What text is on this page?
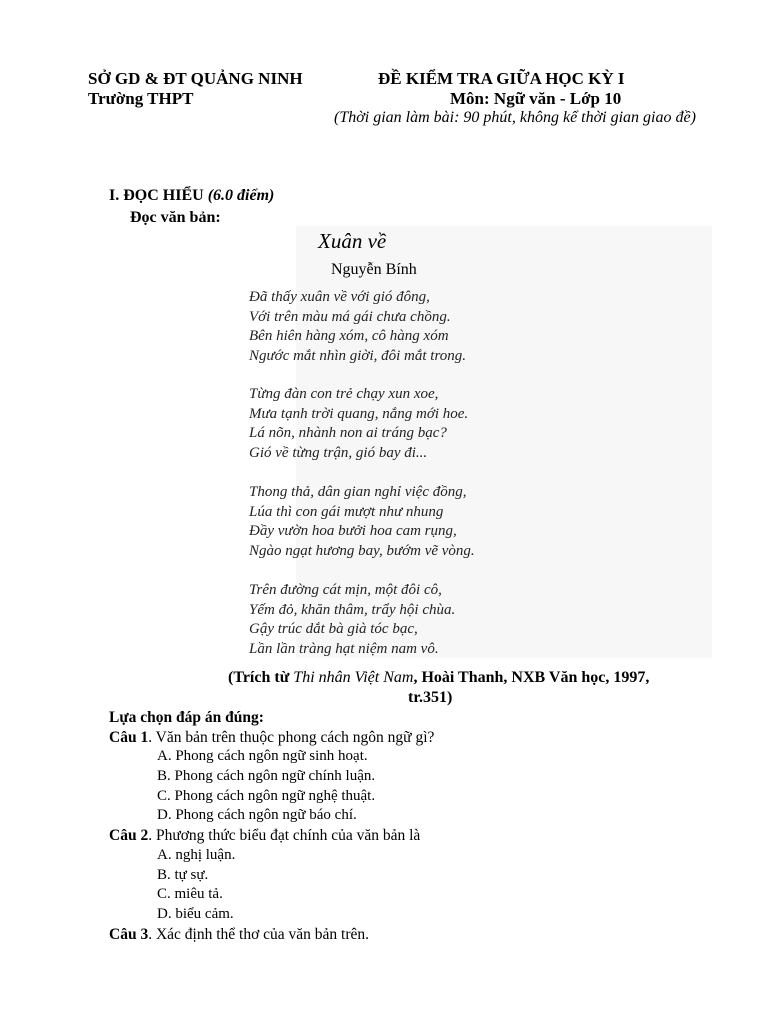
SỞ GD & ĐT QUẢNG NINH
Trường THPT
ĐỀ KIỂM TRA GIỮA HỌC KỲ I
Môn: Ngữ văn - Lớp 10
(Thời gian làm bài: 90 phút, không kể thời gian giao đề)
I. ĐỌC HIỂU (6.0 điểm)
Đọc văn bản:
Xuân về
Nguyễn Bính
Đã thấy xuân về với gió đông,
Với trên màu má gái chưa chồng.
Bên hiên hàng xóm, cô hàng xóm
Ngước mắt nhìn giời, đôi mắt trong.
Từng đàn con trẻ chạy xun xoe,
Mưa tạnh trời quang, nắng mới hoe.
Lá nõn, nhành non ai tráng bạc?
Gió về từng trận, gió bay đi...
Thong thả, dân gian nghỉ việc đồng,
Lúa thì con gái mượt như nhung
Đầy vườn hoa bưởi hoa cam rụng,
Ngào ngạt hương bay, bướm vẽ vòng.
Trên đường cát mịn, một đôi cô,
Yếm đỏ, khăn thâm, trẩy hội chùa.
Gậy trúc dắt bà già tóc bạc,
Lần lần tràng hạt niệm nam vô.
(Trích từ Thi nhân Việt Nam, Hoài Thanh, NXB Văn học, 1997,
tr.351)
Lựa chọn đáp án đúng:
Câu 1. Văn bản trên thuộc phong cách ngôn ngữ gì?
A. Phong cách ngôn ngữ sinh hoạt.
B. Phong cách ngôn ngữ chính luận.
C. Phong cách ngôn ngữ nghệ thuật.
D. Phong cách ngôn ngữ báo chí.
Câu 2. Phương thức biểu đạt chính của văn bản là
A. nghị luận.
B. tự sự.
C. miêu tả.
D. biểu cảm.
Câu 3. Xác định thể thơ của văn bản trên.
